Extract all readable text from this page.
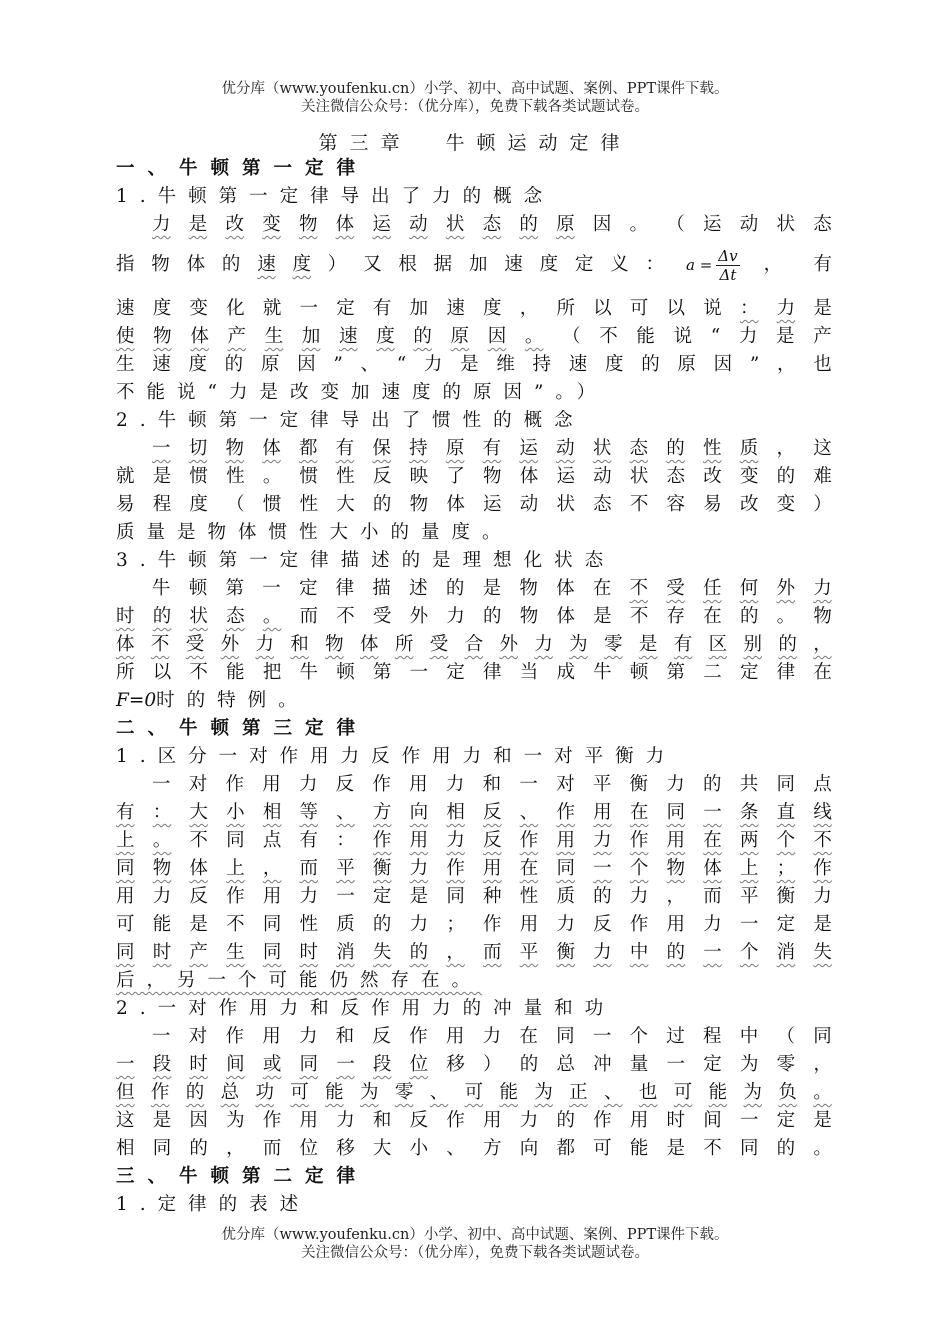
优分库（www.youfenku.cn）小学、初中、高中试题、案例、PPT课件下载。
关注微信公众号：（优分库），免费下载各类试题试卷。
第三章 牛顿运动定律
一、牛顿第一定律
1.牛顿第一定律导出了力的概念
力 是 改 变 物 体 运 动 状 态 的 原 因 。 （ 运 动 状 态
指 物 体 的 速 度 ） 又 根 据 加 速 度 定 义 ： $a = \frac{\Delta v}{\Delta t}$ ， 有
速 度 变 化 就 一 定 有 加 速 度 ， 所 以 可 以 说 ： 力 是
使 物 体 产 生 加 速 度 的 原 因 。 （ 不 能 说 “ 力 是 产
生 速 度 的 原 因 ” 、 “ 力 是 维 持 速 度 的 原 因 ” ， 也
不能说“力是改变加速度的原因”。）
2.牛顿第一定律导出了惯性的概念
一 切 物 体 都 有 保 持 原 有 运 动 状 态 的 性 质 ， 这
就 是 惯 性 。 惯 性 反 映 了 物 体 运 动 状 态 改 变 的 难
易 程 度 （ 惯 性 大 的 物 体 运 动 状 态 不 容 易 改 变 ）
质量是物体惯性大小的量度。
3.牛顿第一定律描述的是理想化状态
牛 顿 第 一 定 律 描 述 的 是 物 体 在 不 受 任 何 外 力
时 的 状 态 。 而 不 受 外 力 的 物 体 是 不 存 在 的 。 物
体 不 受 外 力 和 物 体 所 受 合 外 力 为 零 是 有 区 别 的 ，
所 以 不 能 把 牛 顿 第 一 定 律 当 成 牛 顿 第 二 定 律 在
F=0时的特例。
二、牛顿第三定律
1.区分一对作用力反作用力和一对平衡力
一 对 作 用 力 反 作 用 力 和 一 对 平 衡 力 的 共 同 点
有 ： 大 小 相 等 、 方 向 相 反 、 作 用 在 同 一 条 直 线
上 。 不 同 点 有 ： 作 用 力 反 作 用 力 作 用 在 两 个 不
同 物 体 上 ， 而 平 衡 力 作 用 在 同 一 个 物 体 上 ； 作
用 力 反 作 用 力 一 定 是 同 种 性 质 的 力 ， 而 平 衡 力
可 能 是 不 同 性 质 的 力 ； 作 用 力 反 作 用 力 一 定 是
同 时 产 生 同 时 消 失 的 ， 而 平 衡 力 中 的 一 个 消 失
后，另一个可能仍然存在。
2.一对作用力和反作用力的冲量和功
一 对 作 用 力 和 反 作 用 力 在 同 一 个 过 程 中 （ 同
一 段 时 间 或 同 一 段 位 移 ） 的 总 冲 量 一 定 为 零 ，
但 作 的 总 功 可 能 为 零 、 可 能 为 正 、 也 可 能 为 负 。
这 是 因 为 作 用 力 和 反 作 用 力 的 作 用 时 间 一 定 是
相 同 的 ， 而 位 移 大 小 、 方 向 都 可 能 是 不 同 的 。
三、牛顿第二定律
1.定律的表述
优分库（www.youfenku.cn）小学、初中、高中试题、案例、PPT课件下载。
关注微信公众号：（优分库），免费下载各类试题试卷。
